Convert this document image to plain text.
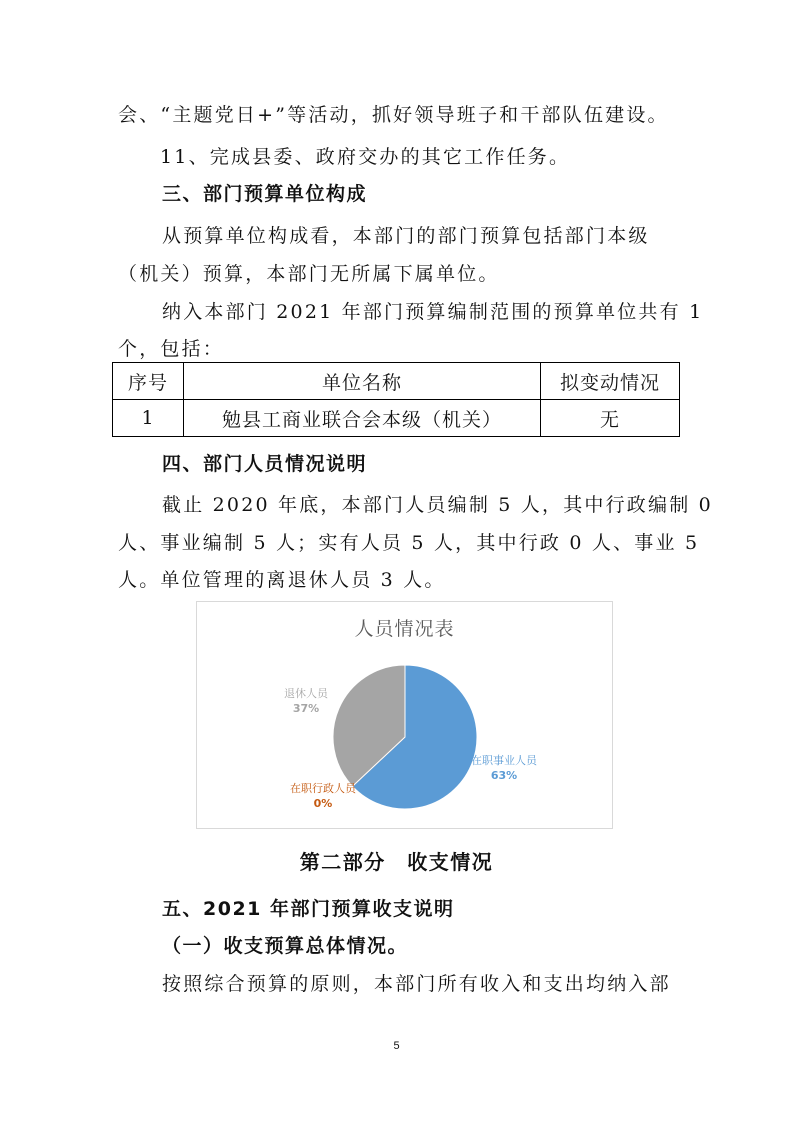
会、“主题党日+”等活动，抓好领导班子和干部队伍建设。
11、完成县委、政府交办的其它工作任务。
三、部门预算单位构成
从预算单位构成看，本部门的部门预算包括部门本级
（机关）预算，本部门无所属下属单位。
纳入本部门 2021 年部门预算编制范围的预算单位共有 1
个，包括：
序号	单位名称	拟变动情况
1	勉县工商业联合会本级（机关）	无
四、部门人员情况说明
截止 2020 年底，本部门人员编制 5 人，其中行政编制 0
人、事业编制 5 人；实有人员 5 人，其中行政 0 人、事业 5
人。单位管理的离退休人员 3 人。
人员情况表
在职事业人员
63%
在职行政人员
0%
退休人员
37%
第二部分　收支情况
五、2021 年部门预算收支说明
（一）收支预算总体情况。
按照综合预算的原则，本部门所有收入和支出均纳入部
5
